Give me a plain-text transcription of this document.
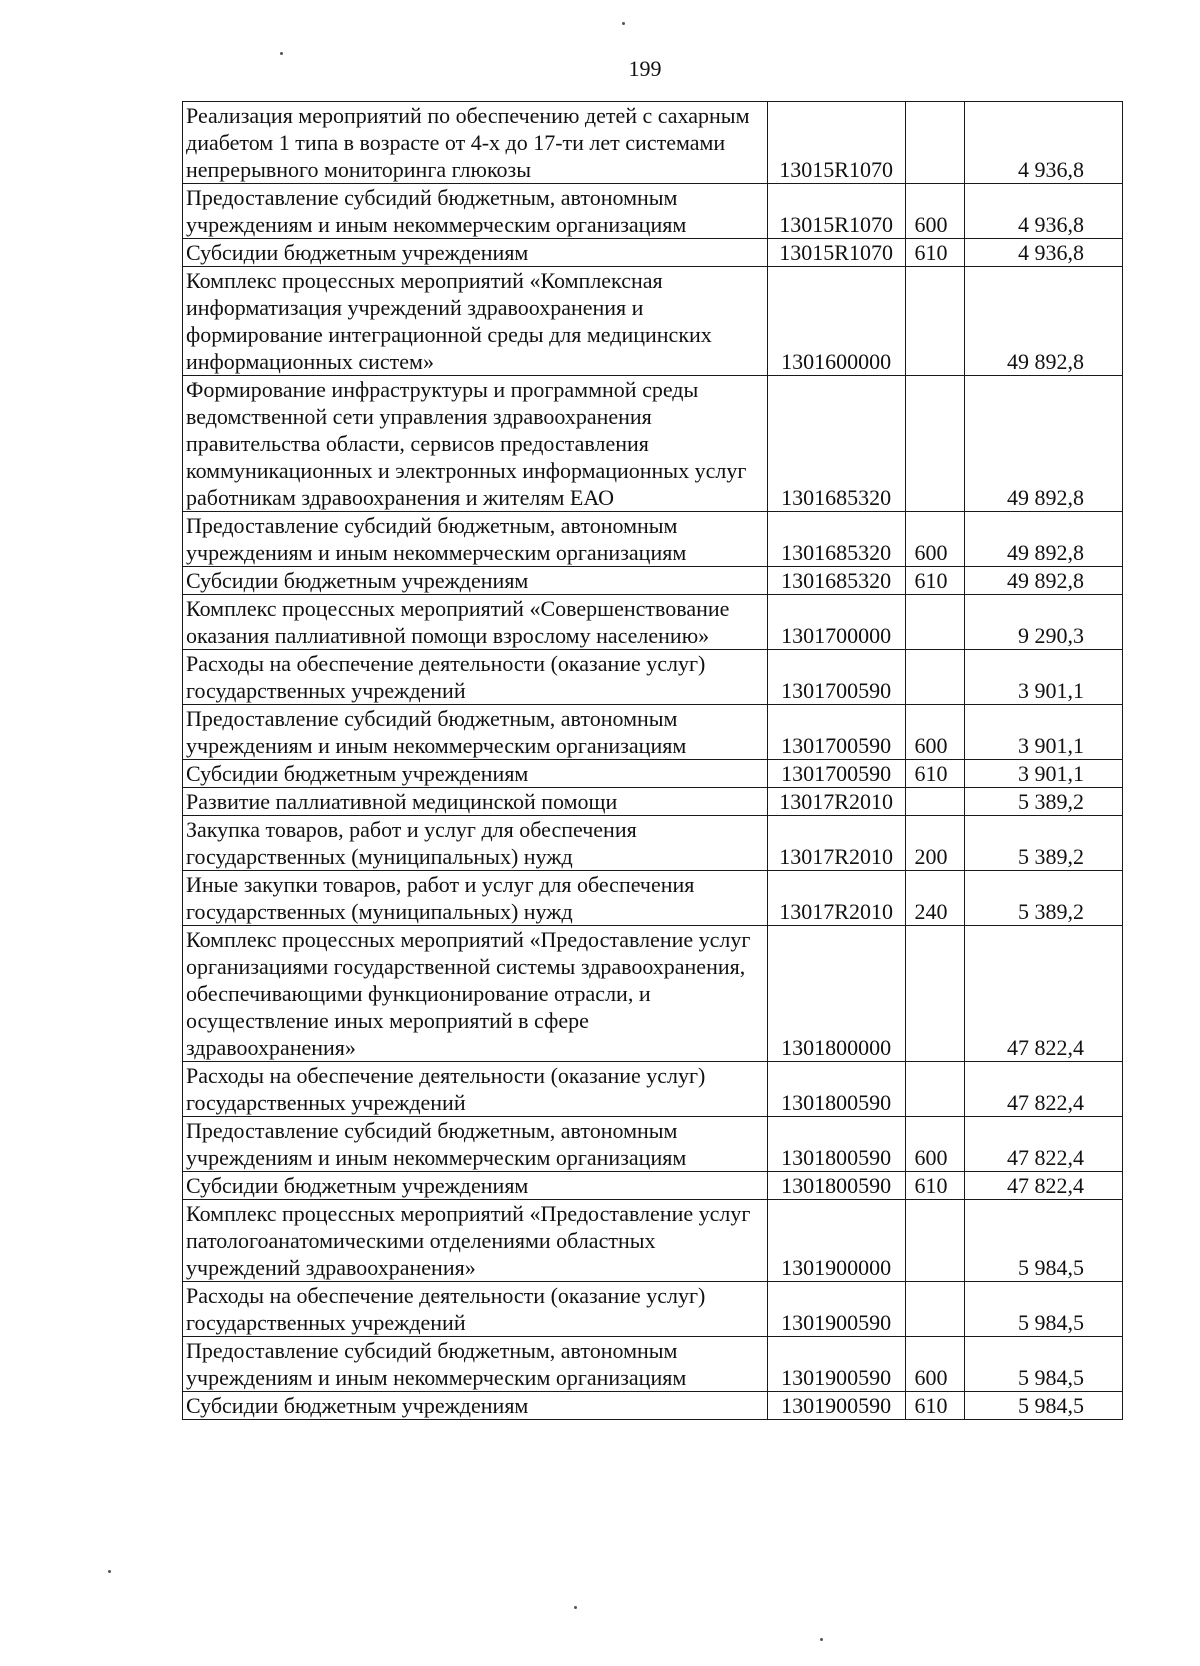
199
Реализация мероприятий по обеспечению детей с сахарным диабетом 1 типа в возрасте от 4-х до 17-ти лет системами непрерывного мониторинга глюкозы	13015R1070		4 936,8
Предоставление субсидий бюджетным, автономным учреждениям и иным некоммерческим организациям	13015R1070	600	4 936,8
Субсидии бюджетным учреждениям	13015R1070	610	4 936,8
Комплекс процессных мероприятий «Комплексная информатизация учреждений здравоохранения и формирование интеграционной среды для медицинских информационных систем»	1301600000		49 892,8
Формирование инфраструктуры и программной среды ведомственной сети управления здравоохранения правительства области, сервисов предоставления коммуникационных и электронных информационных услуг работникам здравоохранения и жителям ЕАО	1301685320		49 892,8
Предоставление субсидий бюджетным, автономным учреждениям и иным некоммерческим организациям	1301685320	600	49 892,8
Субсидии бюджетным учреждениям	1301685320	610	49 892,8
Комплекс процессных мероприятий «Совершенствование оказания паллиативной помощи взрослому населению»	1301700000		9 290,3
Расходы на обеспечение деятельности (оказание услуг) государственных учреждений	1301700590		3 901,1
Предоставление субсидий бюджетным, автономным учреждениям и иным некоммерческим организациям	1301700590	600	3 901,1
Субсидии бюджетным учреждениям	1301700590	610	3 901,1
Развитие паллиативной медицинской помощи	13017R2010		5 389,2
Закупка товаров, работ и услуг для обеспечения государственных (муниципальных) нужд	13017R2010	200	5 389,2
Иные закупки товаров, работ и услуг для обеспечения государственных (муниципальных) нужд	13017R2010	240	5 389,2
Комплекс процессных мероприятий «Предоставление услуг организациями государственной системы здравоохранения, обеспечивающими функционирование отрасли, и осуществление иных мероприятий в сфере здравоохранения»	1301800000		47 822,4
Расходы на обеспечение деятельности (оказание услуг) государственных учреждений	1301800590		47 822,4
Предоставление субсидий бюджетным, автономным учреждениям и иным некоммерческим организациям	1301800590	600	47 822,4
Субсидии бюджетным учреждениям	1301800590	610	47 822,4
Комплекс процессных мероприятий «Предоставление услуг патологоанатомическими отделениями областных учреждений здравоохранения»	1301900000		5 984,5
Расходы на обеспечение деятельности (оказание услуг) государственных учреждений	1301900590		5 984,5
Предоставление субсидий бюджетным, автономным учреждениям и иным некоммерческим организациям	1301900590	600	5 984,5
Субсидии бюджетным учреждениям	1301900590	610	5 984,5
